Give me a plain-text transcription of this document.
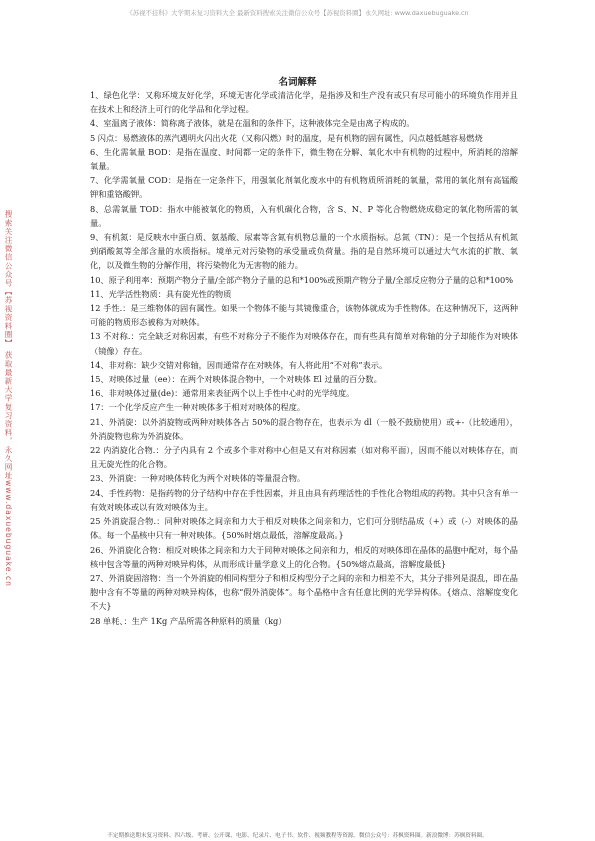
《苏视不挂科》大学期末复习资料大全 最新资料搜索关注微信公众号【苏视资料圈】永久网址: www.daxuebuguake.cn
搜索关注微信公众号【苏视资料圈】 获取最新大学复习资料，永久网址www.daxuebuguake.cn
名词解释

1、绿色化学：又称环境友好化学，环境无害化学或清洁化学，是指涉及和生产没有或只有尽可能小的环境负作用并且在技术上和经济上可行的化学品和化学过程。

4、室温离子液体：简称离子液体，就是在温和的条件下，这种液体完全是由离子构成的。

5 闪点：易燃液体的蒸汽遇明火闪出火花（又称闪燃）时的温度，是有机物的固有属性，闪点越低越容易燃烧

6、生化需氧量 BOD：是指在温度、时间都一定的条件下，微生物在分解、氧化水中有机物的过程中，所消耗的溶解氧量。

7、化学需氧量 COD：是指在一定条件下，用强氧化剂氧化废水中的有机物质所消耗的氧量，常用的氧化剂有高锰酸钾和重铬酸钾。

8、总需氧量 TOD：指水中能被氧化的物质，入有机碳化合物，含 S、N、P 等化合物燃烧成稳定的氧化物所需的氧量。

9、有机氮：是反映水中蛋白质、氨基酸、尿素等含氮有机物总量的一个水质指标。总氮（TN）：是一个包括从有机氮到硝酸氮等全部含量的水质指标。境单元对污染物的承受量或负荷量。指的是自然环境可以通过大气水流的扩散、氧化，以及微生物的分解作用，将污染物化为无害物的能力。

10、原子利用率：预期产物分子量/全部产物分子量的总和*100%或预期产物分子量/全部反应物分子量的总和*100%

11、光学活性物质：具有旋光性的物质

12 手性.：是三维物体的固有属性。如果一个物体不能与其镜像重合，该物体就成为手性物体。在这种情况下，这两种可能的物质形态被称为对映体。

13 不对称.：完全缺乏对称因素，有些不对称分子不能作为对映体存在，而有些具有简单对称轴的分子却能作为对映体（镜像）存在。

14、非对称：缺少交错对称轴，因而通常存在对映体，有人将此用“不对称”表示。

15、对映体过量（ee）：在两个对映体混合物中，一个对映体 El 过量的百分数。

16、非对映体过量(de)：通常用来表征两个以上手性中心时的光学纯度。

17：一个化学反应产生一种对映体多于相对对映体的程度。

21、外消旋：以外消旋物或两种对映体各占 50%的混合物存在，也表示为 dl（一般不鼓励使用）或+-（比较通用），外消旋物也称为外消旋体。

22 内消旋化合物.：分子内具有 2 个或多个非对称中心但是又有对称因素（如对称平面），因而不能以对映体存在，而且无旋光性的化合物。

23、外消旋：一种对映体转化为两个对映体的等量混合物。

24、手性药物：是指药物的分子结构中存在手性因素，并且由具有药理活性的手性化合物组成的药物。其中只含有单一有效对映体或以有效对映体为主。

25 外消旋混合物.：同种对映体之间亲和力大于相反对映体之间亲和力，它们可分别结晶成（+）或（-）对映体的晶体。每一个晶核中只有一种对映体。{50%时熔点最低，溶解度最高。}

26、外消旋化合物：相反对映体之间亲和力大于同种对映体之间亲和力，相反的对映体即在晶体的晶胞中配对，每个晶核中包含等量的两种对映异构体，从而形成计量学意义上的化合物。{50%熔点最高，溶解度最低}

27、外消旋固溶物：当一个外消旋的相同构型分子和相反构型分子之间的亲和力相差不大，其分子排列是混乱，即在晶胞中含有不等量的两种对映异构体，也称“假外消旋体”。每个晶格中含有任意比例的光学异构体。{熔点、溶解度变化不大}

28 单耗、：生产 1Kg 产品所需各种原料的质量（kg）

不定期推送期末复习资料、四六级、考研、公开课、电影、纪录片、电子书、软件、视频教程等资源。微信公众号：苏枫资料圈。新浪微博：苏枫资料圈。
